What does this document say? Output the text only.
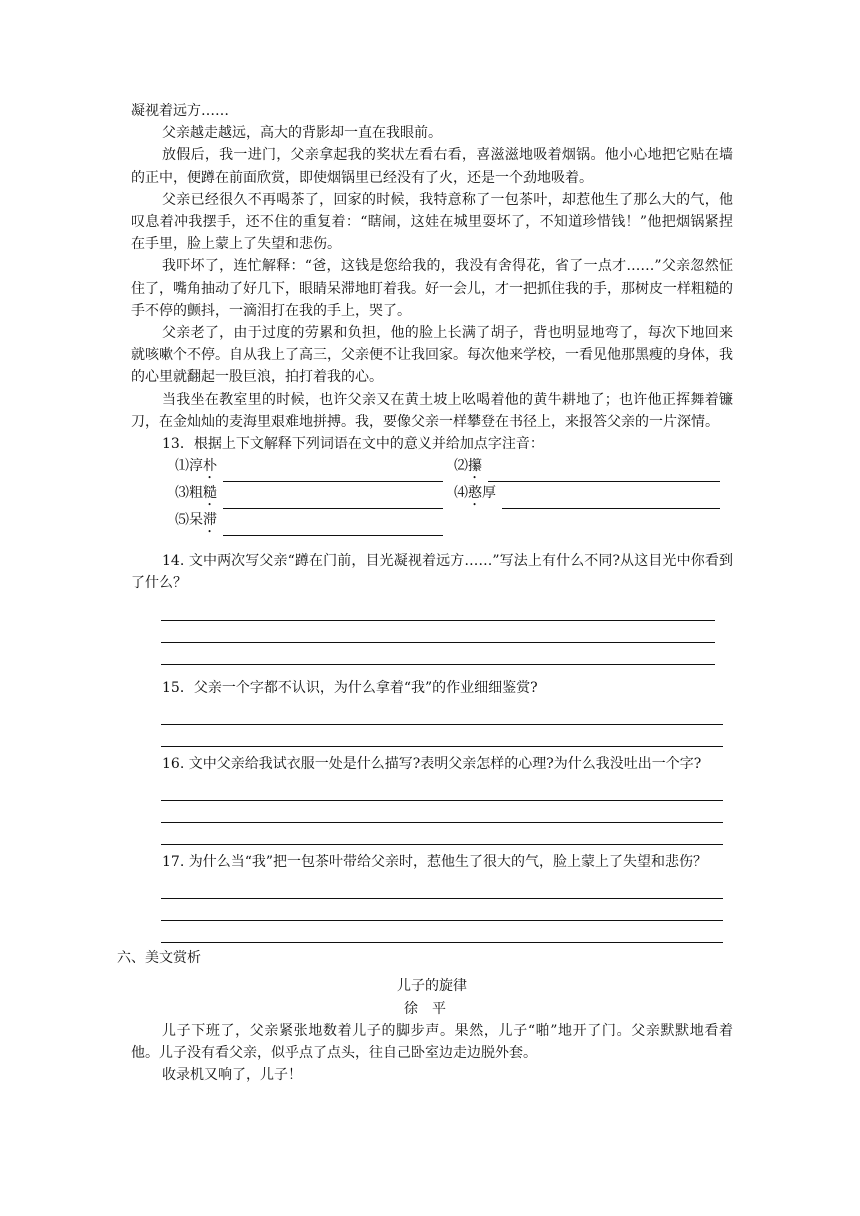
凝视着远方……

父亲越走越远，高大的背影却一直在我眼前。

放假后，我一进门，父亲拿起我的奖状左看右看，喜滋滋地吸着烟锅。他小心地把它贴在墙的正中，便蹲在前面欣赏，即使烟锅里已经没有了火，还是一个劲地吸着。

父亲已经很久不再喝茶了，回家的时候，我特意称了一包茶叶，却惹他生了那么大的气，他叹息着冲我摆手，还不住的重复着：“瞎闹，这娃在城里耍坏了，不知道珍惜钱！”他把烟锅紧捏在手里，脸上蒙上了失望和悲伤。

我吓坏了，连忙解释：“爸，这钱是您给我的，我没有舍得花，省了一点才……”父亲忽然怔住了，嘴角抽动了好几下，眼睛呆滞地盯着我。好一会儿，才一把抓住我的手，那树皮一样粗糙的手不停的颤抖，一滴泪打在我的手上，哭了。

父亲老了，由于过度的劳累和负担，他的脸上长满了胡子，背也明显地弯了，每次下地回来就咳嗽个不停。自从我上了高三，父亲便不让我回家。每次他来学校，一看见他那黑瘦的身体，我的心里就翻起一股巨浪，拍打着我的心。

当我坐在教室里的时候，也许父亲又在黄土坡上吆喝着他的黄牛耕地了；也许他正挥舞着镰刀，在金灿灿的麦海里艰难地拼搏。我，要像父亲一样攀登在书径上，来报答父亲的一片深情。

13．根据上下文解释下列词语在文中的意义并给加点字注音：

⑴淳朴	⑵攥
⑶粗糙	⑷憨厚
⑸呆滞

14. 文中两次写父亲“蹲在门前，目光凝视着远方……”写法上有什么不同?从这目光中你看到了什么？

15．父亲一个字都不认识，为什么拿着“我”的作业细细鉴赏?

16. 文中父亲给我试衣服一处是什么描写?表明父亲怎样的心理?为什么我没吐出一个字?

17. 为什么当“我”把一包茶叶带给父亲时，惹他生了很大的气，脸上蒙上了失望和悲伤？

六、美文赏析

儿子的旋律

徐平

儿子下班了，父亲紧张地数着儿子的脚步声。果然，儿子“啪”地开了门。父亲默默地看着他。儿子没有看父亲，似乎点了点头，往自己卧室边走边脱外套。

收录机又响了，儿子！
